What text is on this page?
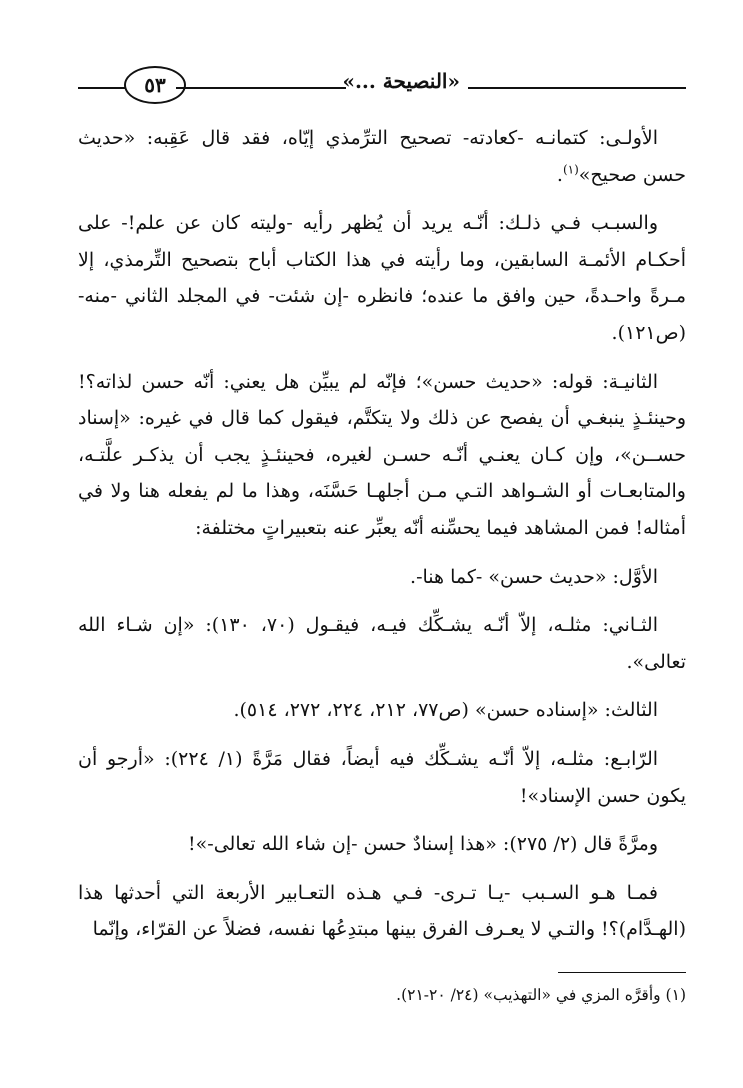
«النصيحة ...»
٥٣

الأولـى: كتمانـه -كعادته- تصحيح الترِّمذي إيّاه، فقد قال عَقِبه: «حديث حسن صحيح»$^{(١)}$.

والسبـب فـي ذلـك: أنّـه يريد أن يُظهر رأيه -وليته كان عن علم!- على أحكـام الأئمـة السابقين، وما رأيته في هذا الكتاب أباح بتصحيح التِّرمذي، إلا مـرةً واحـدةً، حين وافق ما عنده؛ فانظره -إن شئت- في المجلد الثاني -منه- (ص١٢١).

الثانيـة: قوله: «حديث حسن»؛ فإنّه لم يبيِّن هل يعني: أنّه حسن لذاته؟! وحينئـذٍ ينبغـي أن يفصح عن ذلك ولا يتكتَّم، فيقول كما قال في غيره: «إسناد حســن»، وإن كـان يعنـي أنّـه حسـن لغيره، فحينئـذٍ يجب أن يذكـر علَّتـه، والمتابعـات أو الشـواهد التـي مـن أجلهـا حَسَّنَه، وهذا ما لم يفعله هنا ولا في أمثاله! فمن المشاهد فيما يحسِّنه أنّه يعبِّر عنه بتعبيراتٍ مختلفة:

الأوَّل: «حديث حسن» -كما هنا-.

الثـاني: مثلـه، إلاّ أنّـه يشـكِّك فيـه، فيقـول (٧٠، ١٣٠): «إن شـاء الله تعالى».

الثالث: «إسناده حسن» (ص٧٧، ٢١٢، ٢٢٤، ٢٧٢، ٥١٤).

الرّابـع: مثلـه، إلاّ أنّـه يشـكِّك فيه أيضاً، فقال مَرَّةً (١/ ٢٢٤): «أرجو أن يكون حسن الإسناد»!

ومرَّةً قال (٢/ ٢٧٥): «هذا إسنادٌ حسن -إن شاء الله تعالى-»!

فمـا هـو السـبب -يـا تـرى- فـي هـذه التعـابير الأربعة التي أحدثها هذا (الهـدَّام)؟! والتـي لا يعـرف الفرق بينها مبتدِعُها نفسه، فضلاً عن القرّاء، وإنّما

(١) وأقرَّه المزي في «التهذيب» (٢٤/ ٢٠-٢١).
